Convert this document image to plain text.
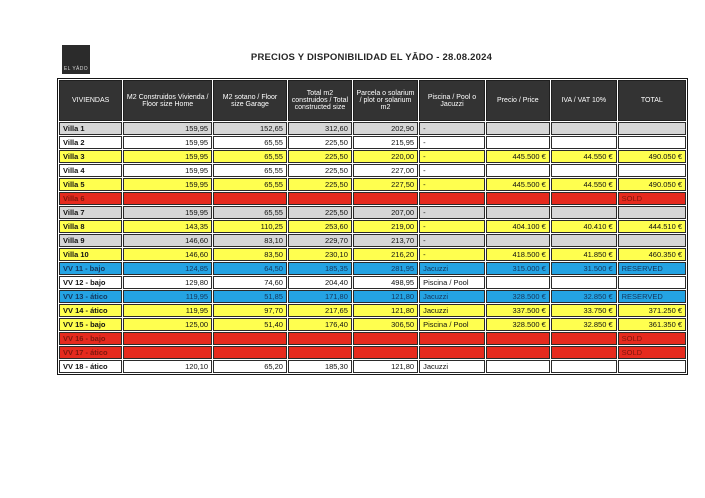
EL YĀDO
PRECIOS Y DISPONIBILIDAD EL YĀDO - 28.08.2024
VIVIENDAS	M2 Construidos Vivienda / Floor size Home	M2 sotano / Floor size Garage	Total m2 construidos / Total constructed size	Parcela o solarium / plot or solarium m2	Piscina / Pool o Jacuzzi	Precio / Price	IVA / VAT 10%	TOTAL
Villa 1	159,95	152,65	312,60	202,90	-			
Villa 2	159,95	65,55	225,50	215,95	-			
Villa 3	159,95	65,55	225,50	220,00	-	445.500 €	44.550 €	490.050 €
Villa 4	159,95	65,55	225,50	227,00	-			
Villa 5	159,95	65,55	225,50	227,50	-	445.500 €	44.550 €	490.050 €
Villa 6								SOLD
Villa 7	159,95	65,55	225,50	207,00	-			
Villa 8	143,35	110,25	253,60	219,00	-	404.100 €	40.410 €	444.510 €
Villa 9	146,60	83,10	229,70	213,70	-			
Villa 10	146,60	83,50	230,10	216,20	-	418.500 €	41.850 €	460.350 €
VV 11 - bajo	124,85	64,50	185,35	281,95	Jacuzzi	315.000 €	31.500 €	RESERVED
VV 12 - bajo	129,80	74,60	204,40	498,95	Piscina / Pool			
VV 13 - ático	119,95	51,85	171,80	121,80	Jacuzzi	328.500 €	32.850 €	RESERVED
VV 14 - ático	119,95	97,70	217,65	121,80	Jacuzzi	337.500 €	33.750 €	371.250 €
VV 15 - bajo	125,00	51,40	176,40	306,50	Piscina / Pool	328.500 €	32.850 €	361.350 €
VV 16 - bajo								SOLD
VV 17 - ático								SOLD
VV 18 - ático	120,10	65,20	185,30	121,80	Jacuzzi			
